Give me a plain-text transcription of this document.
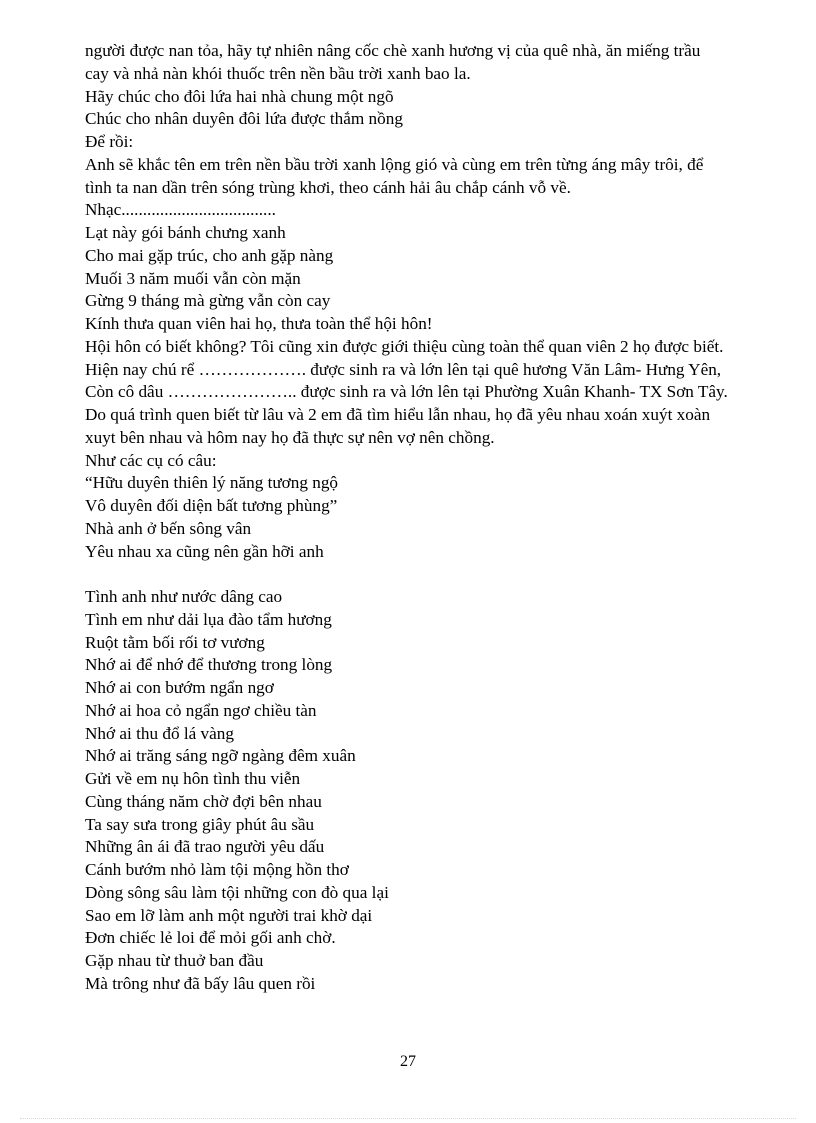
người được nan tỏa, hãy tự nhiên nâng cốc chè xanh hương vị của quê nhà, ăn miếng trầu
cay và nhả nàn khói thuốc trên nền bầu trời xanh bao la.
Hãy chúc cho đôi lứa hai nhà chung một ngõ
Chúc cho nhân duyên đôi lứa được thắm nồng
Để rồi:
Anh sẽ khắc tên em trên nền bầu trời xanh lộng gió và cùng em trên từng áng mây trôi, để
tình ta nan dần trên sóng trùng khơi, theo cánh hải âu chắp cánh vỗ về.
Nhạc....................................
Lạt này gói bánh chưng xanh
Cho mai gặp trúc, cho anh gặp nàng
Muối 3 năm muối vẫn còn mặn
Gừng 9 tháng mà gừng vẫn còn cay
Kính thưa quan viên hai họ, thưa toàn thể hội hôn!
Hội hôn có biết không? Tôi cũng xin được giới thiệu cùng toàn thể quan viên 2 họ được biết.
Hiện nay chú rể ………………. được sinh ra và lớn lên tại quê hương Văn Lâm- Hưng Yên,
Còn cô dâu ………………….. được sinh ra và lớn lên tại Phường Xuân Khanh- TX Sơn Tây.
Do quá trình quen biết từ lâu và 2 em đã tìm hiểu lẫn nhau, họ đã yêu nhau xoán xuýt xoàn
xuyt bên nhau và hôm nay họ đã thực sự nên vợ nên chồng.
Như các cụ có câu:
“Hữu duyên thiên lý năng tương ngộ
Vô duyên đối diện bất tương phùng”
Nhà anh ở bến sông vân
Yêu nhau xa cũng nên gần hỡi anh
Tình anh như nước dâng cao
Tình em như dải lụa đào tẩm hương
Ruột tằm bối rối tơ vương
Nhớ ai để nhớ để thương trong lòng
Nhớ ai con bướm ngẩn ngơ
Nhớ ai hoa cỏ ngẩn ngơ chiều tàn
Nhớ ai thu đổ lá vàng
Nhớ ai trăng sáng ngỡ ngàng đêm xuân
Gửi về em nụ hôn tình thu viễn
Cùng tháng năm chờ đợi bên nhau
Ta say sưa trong giây phút âu sầu
Những ân ái đã trao người yêu dấu
Cánh bướm nhỏ làm tội mộng hồn thơ
Dòng sông sâu làm tội những con đò qua lại
Sao em lỡ làm anh một người trai khờ dại
Đơn chiếc lẻ loi để mỏi gối anh chờ.
Gặp nhau từ thuở ban đầu
Mà trông như đã bấy lâu quen rồi
27
